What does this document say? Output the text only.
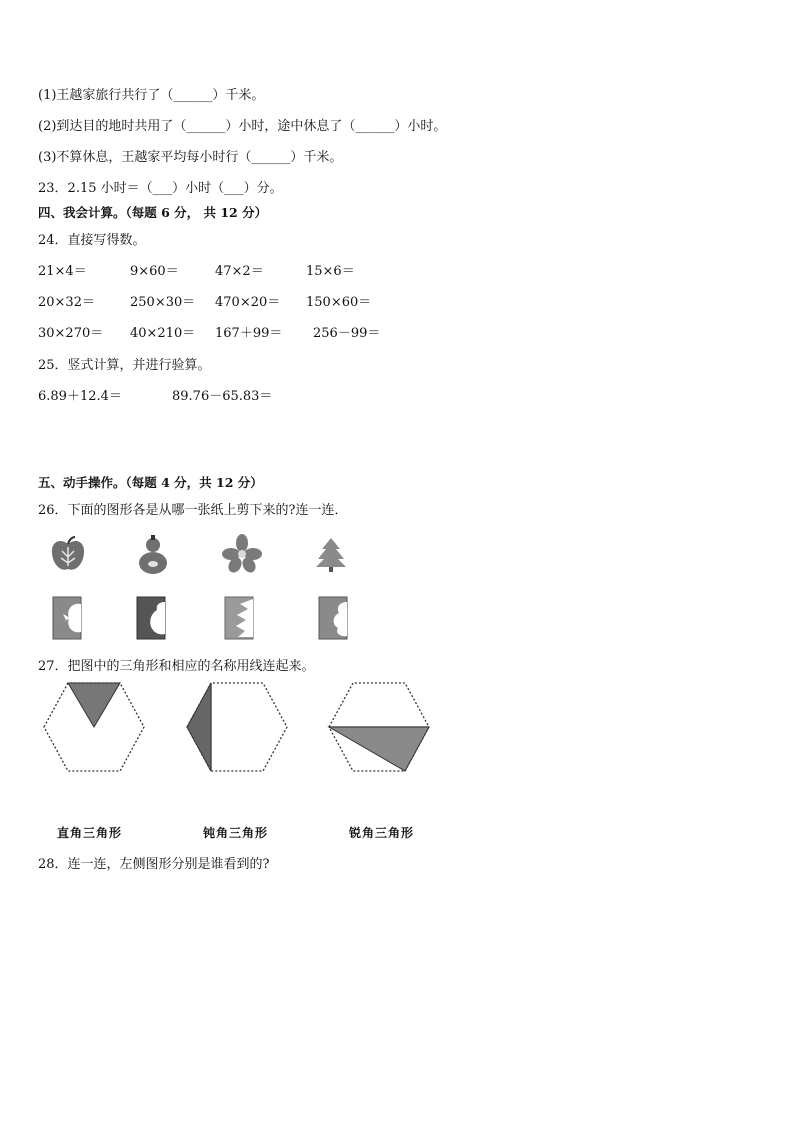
(1)王越家旅行共行了（______）千米。
(2)到达目的地时共用了（______）小时，途中休息了（______）小时。
(3)不算休息，王越家平均每小时行（______）千米。
23．2.15 小时＝（___）小时（___）分。
四、我会计算。（每题 6 分， 共 12 分）
24．直接写得数。
21×4＝	9×60＝	47×2＝	15×6＝
20×32＝	250×30＝ 470×20＝ 150×60＝
30×270＝ 40×210＝ 167＋99＝ 256－99＝
25．竖式计算，并进行验算。
6.89＋12.4＝	89.76－65.83＝
五、动手操作。（每题 4 分，共 12 分）
26．下面的图形各是从哪一张纸上剪下来的?连一连．
27．把图中的三角形和相应的名称用线连起来。
直角三角形	钝角三角形	锐角三角形
28．连一连，左侧图形分别是谁看到的?
